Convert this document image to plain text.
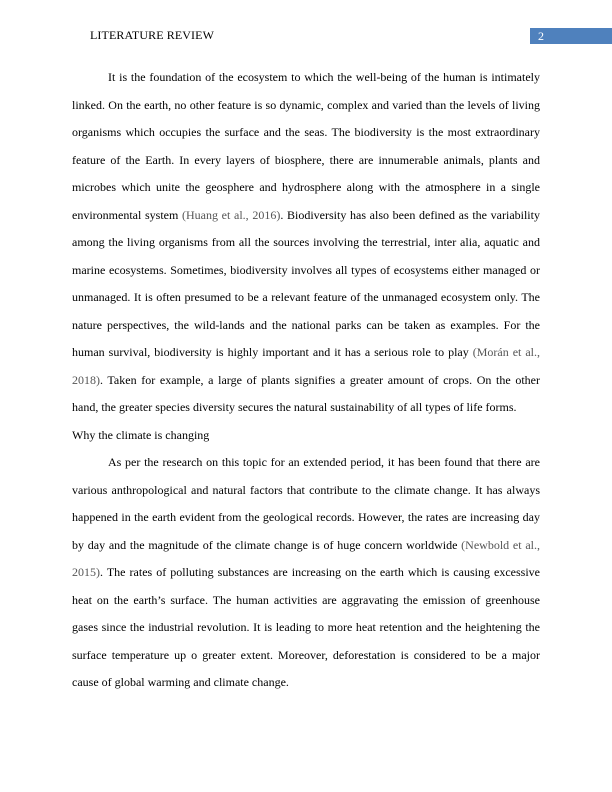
LITERATURE REVIEW	2

It is the foundation of the ecosystem to which the well-being of the human is intimately linked. On the earth, no other feature is so dynamic, complex and varied than the levels of living organisms which occupies the surface and the seas. The biodiversity is the most extraordinary feature of the Earth. In every layers of biosphere, there are innumerable animals, plants and microbes which unite the geosphere and hydrosphere along with the atmosphere in a single environmental system (Huang et al., 2016). Biodiversity has also been defined as the variability among the living organisms from all the sources involving the terrestrial, inter alia, aquatic and marine ecosystems. Sometimes, biodiversity involves all types of ecosystems either managed or unmanaged. It is often presumed to be a relevant feature of the unmanaged ecosystem only. The nature perspectives, the wild-lands and the national parks can be taken as examples. For the human survival, biodiversity is highly important and it has a serious role to play (Morán et al., 2018). Taken for example, a large of plants signifies a greater amount of crops. On the other hand, the greater species diversity secures the natural sustainability of all types of life forms.

Why the climate is changing

As per the research on this topic for an extended period, it has been found that there are various anthropological and natural factors that contribute to the climate change. It has always happened in the earth evident from the geological records. However, the rates are increasing day by day and the magnitude of the climate change is of huge concern worldwide (Newbold et al., 2015). The rates of polluting substances are increasing on the earth which is causing excessive heat on the earth’s surface. The human activities are aggravating the emission of greenhouse gases since the industrial revolution. It is leading to more heat retention and the heightening the surface temperature up o greater extent. Moreover, deforestation is considered to be a major cause of global warming and climate change.
